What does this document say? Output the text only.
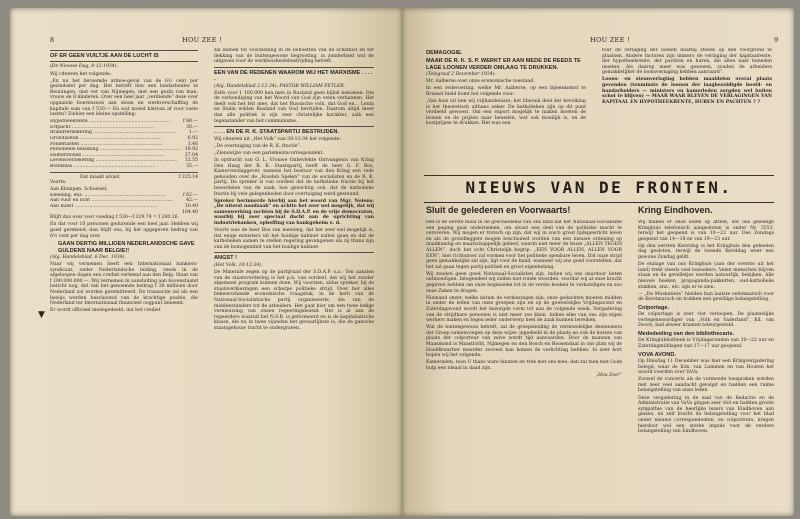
8	HOU ZEE !
OF ER GEEN VUILTJE AAN DE LUCHT IS

(De Nieuwe Dag, 8-12-1934).

Wij citeeren het volgende:

„En nu het beroemde armoe-geval van de 6½ cent per gezindsdel per dag. Het betreft hier een landarbeider te Beuningen, niet ver van Nijmegen, met een gezin van man, vrouw en 8 kinderen. Over een heel jaar „verdiende” deze over opgaande boerenzoon aan steun en werkverschaffing de kapitale som van f 530.— En wat moest hiervan af voor vaste lasten? Ziehier een kleine opstelling:

Hypotheekrente .....	f 88.—
Erfpacht .....	30.—
Brandverzekering .....	1.—
Grondlasten .....	6.92
Polderlasten .....	3.46
Personeele belasting .....	19.92
Doktersfonds .....	27.04
Levensverzekering .....	12.55
Bondskas .....	35.—
Dat maakt alvast	f 225.14

Voorts:

Aan Klompen, Schoeisel,
Kleeding, enz. .....	f 62.—
Aan vuur en licht .....	42.—
Aan kunst .....	10.40
104.40

Blijft dus over voor voeding f 530—f 329.74 = f 200.26.

En dat voor 10 personen gedurende een heel jaar. Hebben wij goed gerekend, dan blijft ons, bij het opgegeven bedrag van 6½ cent per dag over.

GAAN DERTIG MILLIOEN NEDERLANDSCHE GAVE GULDENS NAAR BELGIE!!

(Alg. Handelsblad, 6 Dec. 1934).

Naar wij vernemen heeft een Internationaal bankiers-syndicaat, onder Nederlandsche leiding, reeds in de afgeloopen dagen een crediet verleend aan den Belg. Staat van f 100.000.000.—. Wij vernemen in aansluiting aan bovenstaand bericht nog, dat van het genoemde bedrag f 30 millioen door Nederland zal worden geremitteerd. De transactie zal als een bewijs werden beschouwd van de krachtige positie, die Nederland ter Internationaal financieel oogpunt inneemt.

Er wordt officieel medegedeeld, dat het crediet

▼

zal dienen tot voorziening in de behoeften van de schatkist en ter dekking van de buitengewone begrooting, in zonderheid wat de uitgaven voor de werkloosheidsbestrijding betreft.

EEN VAN DE REDENEN WAAROM WIJ HET MARXISME . . . . .

(Alg. Handelsblad 2.12.34). PASTOR WILLIAM FETLER.

Zelfs voor 1 100.000 ken men in Rusland geen bijbel bekomen. Om de verkondiging van het Woord van God zijn velen verbannen. Het deelt ook het feit mee, dat het Russische volk, dat God en... Lenin en Stalin wilden Rusland van God bevrijden. Daarom altijd meer dan alle politiek is zijn zeer christelijke karakter, zalk een tegenstander van het communisme.

. . . . EN DE R. K. STAATSPARTIJ BESTRIJDEN.

Wij citeeren uit „Het Volk” van 30-11-34 het volgende:

„De overtuiging van de R. K. fractie”.

„Zienswijze van een parlementscorrespondent.

In opdracht van O. L. Vrouwe Onbevlekte Ontvangenis van Kring Den Haag der R. K. Staatspartij heeft de heer G. F. Bos, Kamerverslaggever, namens het bestuur van den Kring een rede gehouden over de „Rooden Spelen” van de socialisten en de R. K. partij. De spreker is van oordeel dat de katholieke fractie bij het beoordelen van de zaak, hoe gewichtig ook, dat de katholieke fractie bij vele gelegenheden door overtuiging werd gesteund.

Spreker herinnerde hierbij aan het woord van Mgr. Nolens: „De uiterst noodzaak” en achtte het zeer wel mogelijk, dat wij samenwerking zochten bij de S.D.A.P. en de vrije democraten, waarbij hij zeer speciaal dacht aan de oprichting van industriebanken, opheffing van bankgeheim e. d.

Voorts was de heer Bos van meening, dat het zeer wel mogelijk is, dat enige ministers uit het huidige kabinet zullen gaan en dat de katholieken samen te stellen regering gevangenen als zij thans zijn van de homogeniteit van het huidige kabinet

ANGST !

(Het Volk, 10-12-34).

De Minerale zegen op de partijraad der S.D.A.P. o.a.: Ten aanzien van de staatsvordering is het p.h. van oordeel, dat wij het zonder algemeen program kunnen doen. Wij voorzien, aldus spreker, bij de staatsverkiezingen een scherpe politieke strijd. Over het alles beheerschende economische vraagstuk, in de kern van de Nationaal-Socialistische partij organiseerde, die van de middenstanders tot de arbeiders. Het gaat hier om een twee ledige vernieuwing van onzen regeeringsbeleid. Het is al aan de regeerders waaruit het N.S.B. is geformeerd en is de kapitalistische klasse, die nu in twee vijanden het gevaarlijkste is, die de gansche staatsgebouw tracht te ondergraven.

HOU ZEE !	9
DEMAGOGIE.
MAAR DE R. K. S. P. WERKT ER AAN MEDE DE REEDS TE LAGE LOONEN VERDER OMLAAG TE DRUKKEN.

(Telegraaf 2 December 1934).

Mr. Aalberse over onze economische toestand.

In een redevoering, welke Mr. Aalberse, op een bijeenkomst te Brussel hield komt het volgende voor:

„Van huis uit ben wij vrijhandelaars; het liberaal deel der bevolking is het theoretisch althans zeker. De katholieken zijn op dit punt verdeeld gewoest. Om een export mogelijk te maken moeten de loonen en de prijzen naar beneden, wat ook moeilijk is, en de kostprijzen te drukken. Het was een

tour de verlaging der loonen daarbij steeds op den voorgrond te plaatsen. Andere factoren zijn immers de verlaging der kapitaalrente, der hypotheekrente, der pachten en huren, die allen naar beneden moeten. Als daarop meer was gewezen, zouden de arbeiders gemakkelijker de loonsverlaging hebben aanvaard”.

Loons- en steunverlaging hebben maaldelen overal plaats gevonden (tenminste de loonen der laagbezoldigde hoofd- en handarbeiders — ministers en kamerleden zorgden wel buiten schot te blijven) — MAAR WAAR BLEVEN DE VERLAGINGEN VAN KAPITAAL EN HYPOTHEEKRENTE, HUREN EN PACHTEN ? ?

NIEUWS VAN DE FRONTEN.
Sluit de gelederen en Voorwaarts!	Kring Eindhoven.

Het is de eerste maal in de geschiedenis van ons land dat het Nationaal-Socialisme een poging gaat ondernemen, om alvast een deel van de politieke macht te veroveren. Wij mogen er trotsch op zijn, dat wij in zoo'n groot tijdsgewricht leven en als de grondleggers mogen beschouwd worden van een nieuwe ordening op maatkundig en maatschappelijk gebied, waarin niet meer de leuze „ALLEN TEGEN ALLEN”, doch het echt Christelijk begrip: „EEN VOOR ALLEN, ALLEN VOOR EEN”, hier richtsnoer zal vormen voor het politieke openbare leven. Dat onze strijd geen gemakkelijke zal zijn, ligt voor de hand, wanneer wij ons goed voorstellen, dat het zal gaan tegen partij-politiek en groot eigenbelang.

Wij zouden geen goed Nationaal-Socialisten zijn, indien wij ons daardoor lieten ontmoedigen. Integendeel wij zullen met ronde woorden, voordat wij al onze kracht gegeven hebben om onze beginselen tot in de verste hoeken te verkondigen en zoo onze Zaken te dragen.

Niemand onzer, welke datum de verkiezingen zijn, onze gedachten moeten midden in onder de leden van onze groepen zijn en op de gewestelijke Vrijdagavond en Zaterdagavond wordt het bezorgde vorm tot aan de volgende week. Vergadering van de strijdbare personen is niet meer zoo klein. Indien elke van ons zijn eigen werkers maken en tegen ieder onderwerp heel de zaak kunnen bereiken.

Wat de buitengewoon betreft, zal de groepsleiding de vermoedelijke deelnemers der Groep samenvoegen op deze wijze: ingedeeld in de plaats en ook de kosten van plaats der colporteur van zelve wordt tijd aanvaarden. Door de mannen van Maasmond is Maastricht, Nijmegen en den Bosch en Roosendaal in ons plan wij de Hoofdkwartier meerder zooveel kan komen de verlichting hebben. In zeer kort hopen wij het volgende:

Kameraden, toon U thans ware fanaten en trek met ons mee; dan zal men met Gods hulp een ideaal in daad zijn.

„Hou Zee!”

Wij maken er onze leden op attent, dat ons gezellige Kringhuis telefonisch aangesloten is onder Nr. 3553, terwijl het geopend is van 10—22 uur. Des Zondags geopend van 14—18 en van 19—23 uur.

Op den eersten Kerstdag is het Kringhuis den geheelen dag gesloten, terwijl de tweede Kerstdag weer een gewone Zondag geldt.

De etalage van ons Kringhuis (aan der overste uit het land) trekt steeds veel bezoekers. Velen menschen blijven staan en de gevelletjes werden natuurlijk, bekijken. Alle nieuwe boeken, propaganda-pakketten, oud-katholieke stukken, enz., etc. zijn er te zien.

— „De Musketiers” hielden hun laatste oefenmarsch voor de Kerstmarsch en trokken een gewillige belangstelling.

Colportage.

De colportage is zeer vlot verloopen. De plaatselijke vertegenwoordiger van „Volk en Vaderland”, Kd. van Doorn, had alweer kranten teleurgesteld.

Mededeeling van den bibliothecaris.

De Kringbibliotheek is Vrijdagavonden van 20—22 uur en Zaterdagmiddagen van 17—17 uur geopend.

VOVA AVOND.

Op Dinsdag 11 December was hier een Kringvergadering belegd, waar de Kds. van Lummen en van Houten het woord voerden over VaVa.

Zoowel de concerts als de vormende toespraken werden met zeer veel aandacht gevolgd en hadden een ruime belangstelling van onze leden.

Deze vergadering in de zaal van de Redactie en de Administratie van VaVa gingen zeer vlot en hadden groote sympathie van de heerlijke lezers van Eindhoven aan gezien, en zelf bracht de belangstelling voor het blad onder nieuwe correspondenten, en colporteurs, kregen hierdoor wel een sterke impuls voor de verdere belangstelling van Eindhoven.
